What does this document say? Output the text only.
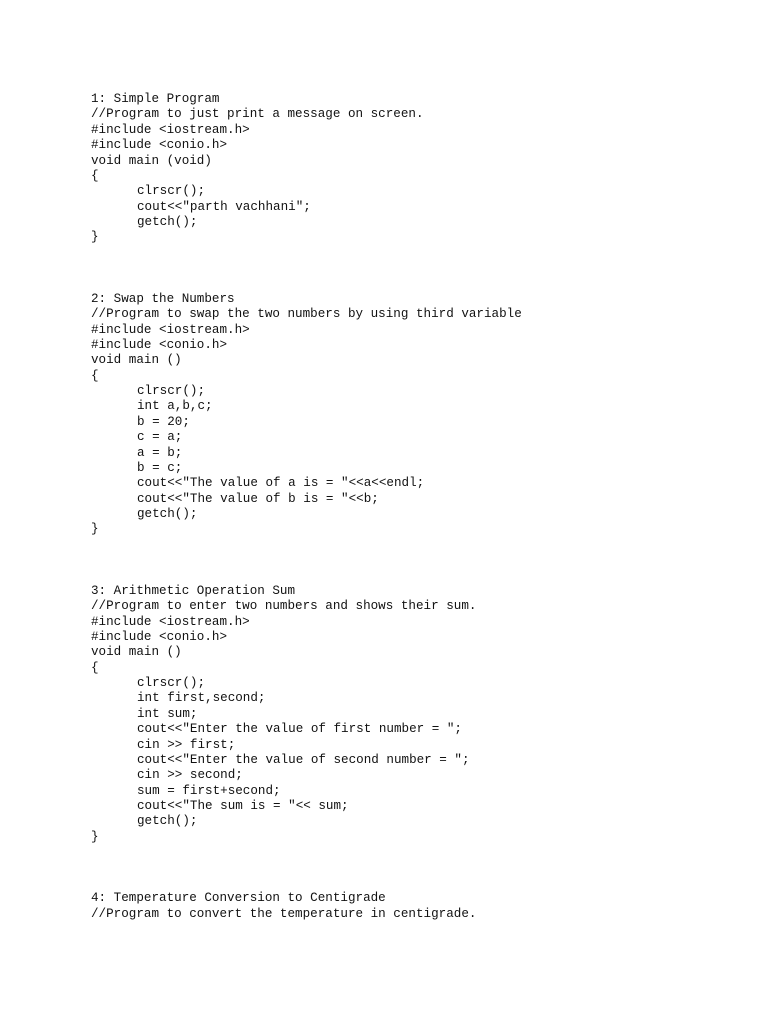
1: Simple Program
//Program to just print a message on screen.
#include <iostream.h>
#include <conio.h>
void main (void)
{
clrscr();
cout<<"parth vachhani";
getch();
}
2: Swap the Numbers
//Program to swap the two numbers by using third variable
#include <iostream.h>
#include <conio.h>
void main ()
{
clrscr();
int a,b,c;
b = 20;
c = a;
a = b;
b = c;
cout<<"The value of a is = "<<a<<endl;
cout<<"The value of b is = "<<b;
getch();
}
3: Arithmetic Operation Sum
//Program to enter two numbers and shows their sum.
#include <iostream.h>
#include <conio.h>
void main ()
{
clrscr();
int first,second;
int sum;
cout<<"Enter the value of first number = ";
cin >> first;
cout<<"Enter the value of second number = ";
cin >> second;
sum = first+second;
cout<<"The sum is = "<< sum;
getch();
}
4: Temperature Conversion to Centigrade
//Program to convert the temperature in centigrade.
